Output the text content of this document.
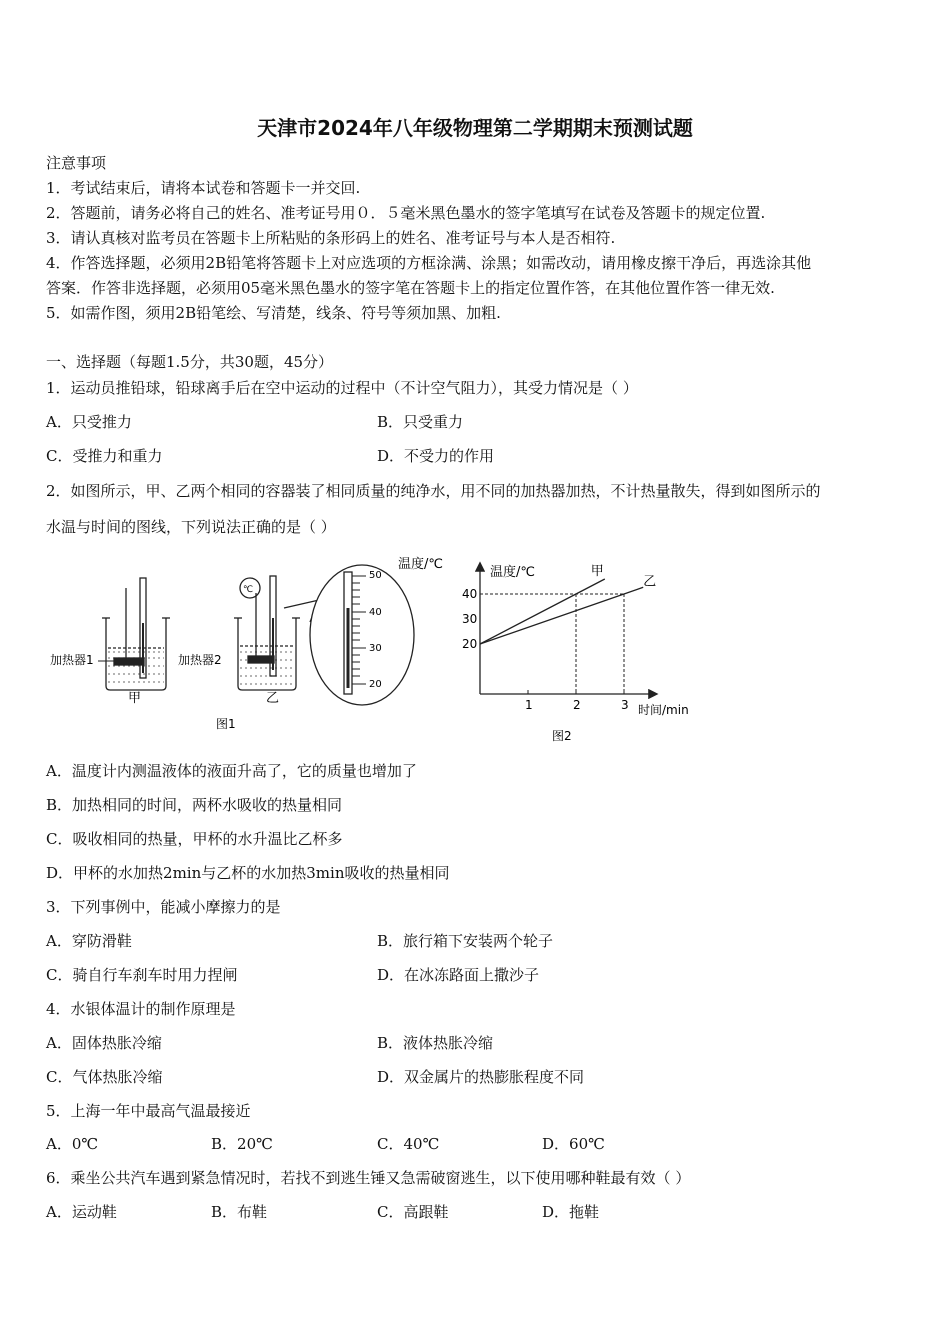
天津市2024年八年级物理第二学期期末预测试题
注意事项
1．考试结束后，请将本试卷和答题卡一并交回.
2．答题前，请务必将自己的姓名、准考证号用０．５毫米黑色墨水的签字笔填写在试卷及答题卡的规定位置.
3．请认真核对监考员在答题卡上所粘贴的条形码上的姓名、准考证号与本人是否相符.
4．作答选择题，必须用2B铅笔将答题卡上对应选项的方框涂满、涂黑；如需改动，请用橡皮擦干净后，再选涂其他
答案．作答非选择题，必须用05毫米黑色墨水的签字笔在答题卡上的指定位置作答，在其他位置作答一律无效.
5．如需作图，须用2B铅笔绘、写清楚，线条、符号等须加黑、加粗.
一、选择题（每题1.5分，共30题，45分）
1．运动员推铅球，铅球离手后在空中运动的过程中（不计空气阻力），其受力情况是（ ）
A．只受推力	B．只受重力
C．受推力和重力	D．不受力的作用
2．如图所示，甲、乙两个相同的容器装了相同质量的纯净水，用不同的加热器加热，不计热量散失，得到如图所示的
水温与时间的图线，下列说法正确的是（ ）
加热器1
甲
℃
加热器2
乙
50
40
30
20
温度/℃
图1
温度/℃
时间/min
1	2	3
20
30
40
甲
乙
图2
A．温度计内测温液体的液面升高了，它的质量也增加了
B．加热相同的时间，两杯水吸收的热量相同
C．吸收相同的热量，甲杯的水升温比乙杯多
D．甲杯的水加热2min与乙杯的水加热3min吸收的热量相同
3．下列事例中，能减小摩擦力的是
A．穿防滑鞋	B．旅行箱下安装两个轮子
C．骑自行车刹车时用力捏闸	D．在冰冻路面上撒沙子
4．水银体温计的制作原理是
A．固体热胀冷缩	B．液体热胀冷缩
C．气体热胀冷缩	D．双金属片的热膨胀程度不同
5．上海一年中最高气温最接近
A．0℃	B．20℃	C．40℃	D．60℃
6．乘坐公共汽车遇到紧急情况时，若找不到逃生锤又急需破窗逃生，以下使用哪种鞋最有效（ ）
A．运动鞋	B．布鞋	C．高跟鞋	D．拖鞋
